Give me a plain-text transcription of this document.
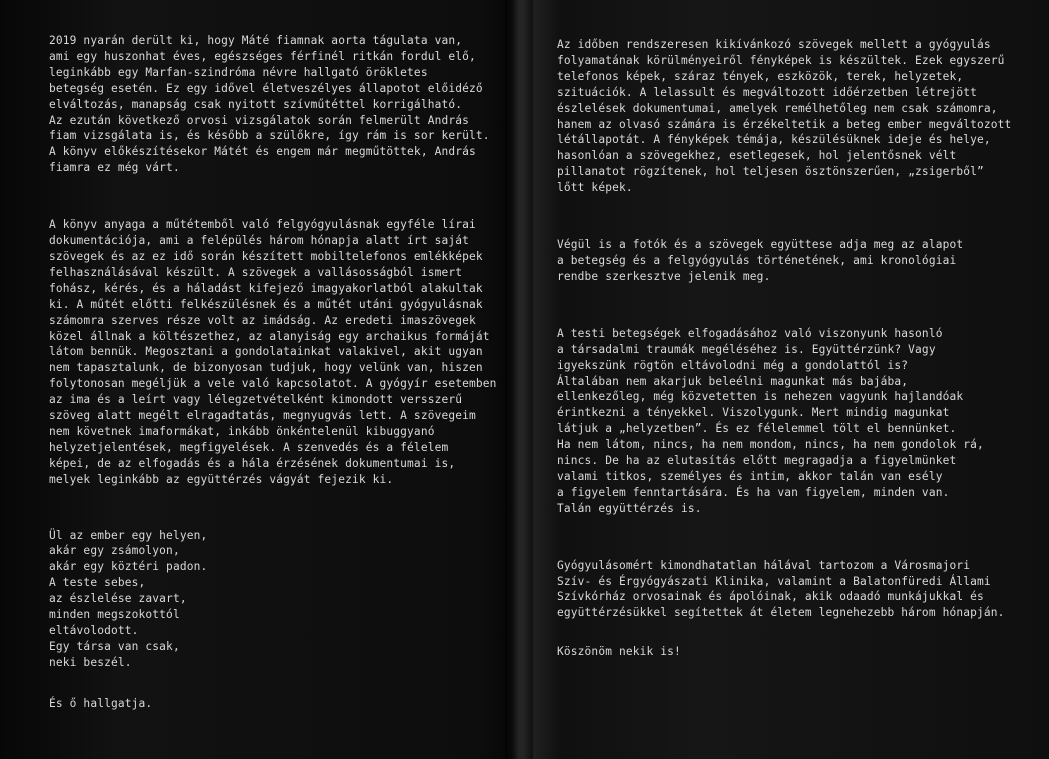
2019 nyarán derült ki, hogy Máté fiamnak aorta tágulata van,
ami egy huszonhat éves, egészséges férfinél ritkán fordul elő,
leginkább egy Marfan-szindróma névre hallgató örökletes
betegség esetén. Ez egy idővel életveszélyes állapotot előidéző
elváltozás, manapság csak nyitott szívműtéttel korrigálható.
Az ezután következő orvosi vizsgálatok során felmerült András
fiam vizsgálata is, és később a szülőkre, így rám is sor került.
A könyv előkészítésekor Mátét és engem már megműtöttek, András
fiamra ez még várt.

A könyv anyaga a műtétemből való felgyógyulásnak egyféle lírai
dokumentációja, ami a felépülés három hónapja alatt írt saját
szövegek és az ez idő során készített mobiltelefonos emlékképek
felhasználásával készült. A szövegek a vallásosságból ismert
fohász, kérés, és a háladást kifejező imagyakorlatból alakultak
ki. A műtét előtti felkészülésnek és a műtét utáni gyógyulásnak
számomra szerves része volt az imádság. Az eredeti imaszövegek
közel állnak a költészethez, az alanyiság egy archaikus formáját
látom bennük. Megosztani a gondolatainkat valakivel, akit ugyan
nem tapasztalunk, de bizonyosan tudjuk, hogy velünk van, hiszen
folytonosan megéljük a vele való kapcsolatot. A gyógyír esetemben
az ima és a leírt vagy lélegzetvételként kimondott versszerű
szöveg alatt megélt elragadtatás, megnyugvás lett. A szövegeim
nem követnek imaformákat, inkább önkéntelenül kibuggyanó
helyzetjelentések, megfigyelések. A szenvedés és a félelem
képei, de az elfogadás és a hála érzésének dokumentumai is,
melyek leginkább az együttérzés vágyát fejezik ki.

Ül az ember egy helyen,
akár egy zsámolyon,
akár egy köztéri padon.
A teste sebes,
az észlelése zavart,
minden megszokottól
eltávolodott.
Egy társa van csak,
neki beszél.

És ő hallgatja.

Az időben rendszeresen kikívánkozó szövegek mellett a gyógyulás
folyamatának körülményeiről fényképek is készültek. Ezek egyszerű
telefonos képek, száraz tények, eszközök, terek, helyzetek,
szituációk. A lelassult és megváltozott időérzetben létrejött
észlelések dokumentumai, amelyek remélhetőleg nem csak számomra,
hanem az olvasó számára is érzékeltetik a beteg ember megváltozott
létállapotát. A fényképek témája, készülésüknek ideje és helye,
hasonlóan a szövegekhez, esetlegesek, hol jelentősnek vélt
pillanatot rögzítenek, hol teljesen ösztönszerűen, „zsigerből”
lőtt képek.

Végül is a fotók és a szövegek együttese adja meg az alapot
a betegség és a felgyógyulás történetének, ami kronológiai
rendbe szerkesztve jelenik meg.

A testi betegségek elfogadásához való viszonyunk hasonló
a társadalmi traumák megéléséhez is. Együttérzünk? Vagy
igyekszünk rögtön eltávolodni még a gondolattól is?
Általában nem akarjuk beleélni magunkat más bajába,
ellenkezőleg, még közvetetten is nehezen vagyunk hajlandóak
érintkezni a tényekkel. Viszolygunk. Mert mindig magunkat
látjuk a „helyzetben”. És ez félelemmel tölt el bennünket.
Ha nem látom, nincs, ha nem mondom, nincs, ha nem gondolok rá,
nincs. De ha az elutasítás előtt megragadja a figyelmünket
valami titkos, személyes és intim, akkor talán van esély
a figyelem fenntartására. És ha van figyelem, minden van.
Talán együttérzés is.

Gyógyulásomért kimondhatatlan hálával tartozom a Városmajori
Szív- és Érgyógyászati Klinika, valamint a Balatonfüredi Állami
Szívkórház orvosainak és ápolóinak, akik odaadó munkájukkal és
együttérzésükkel segítettek át életem legnehezebb három hónapján.

Köszönöm nekik is!
